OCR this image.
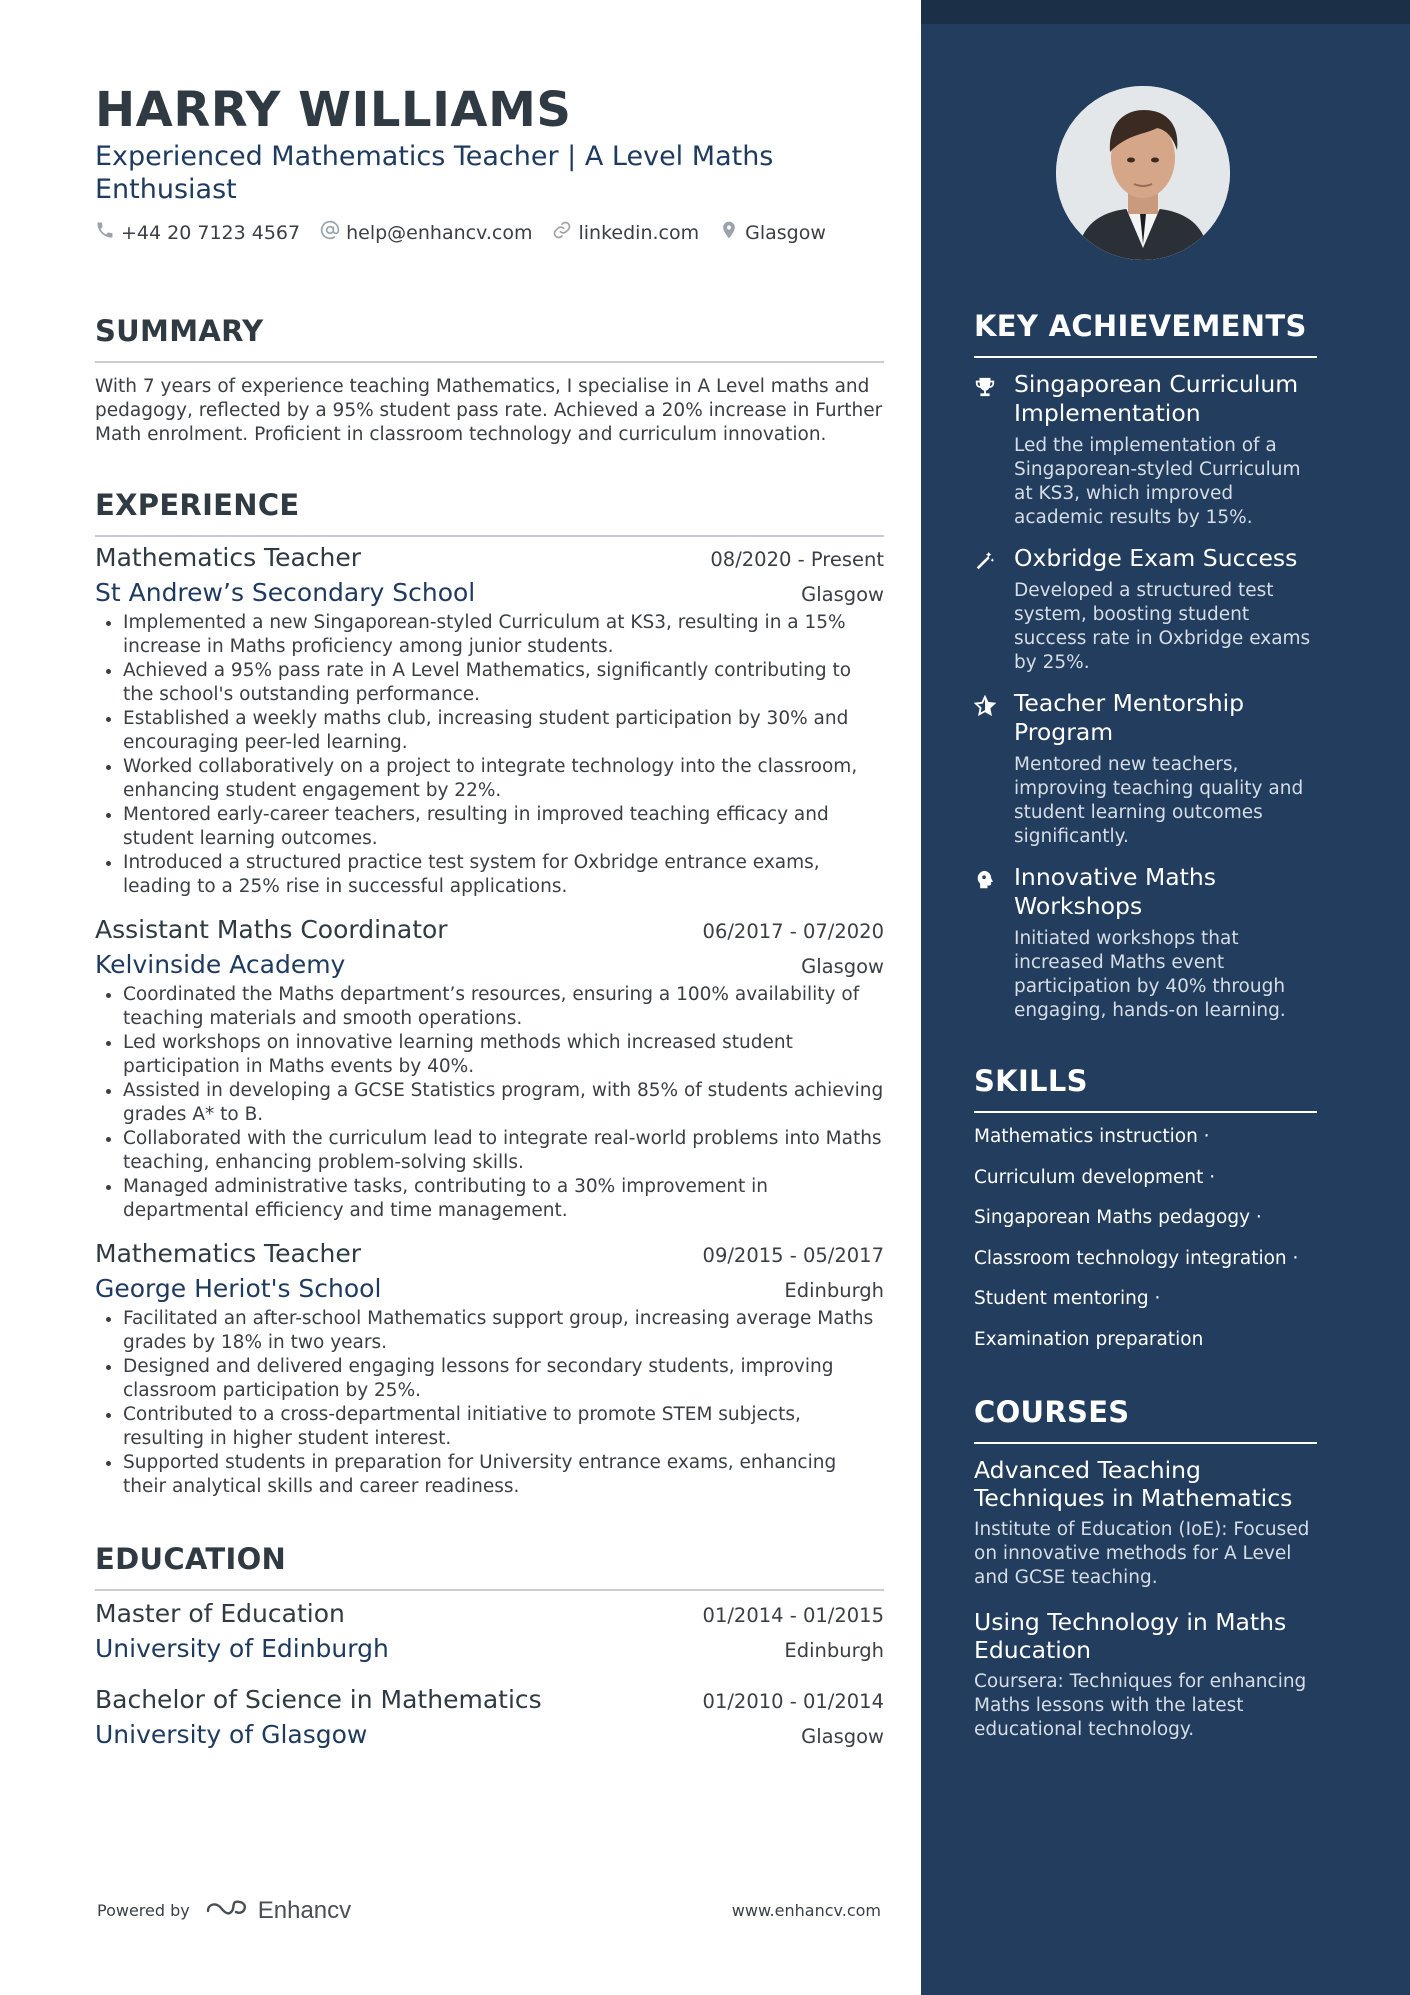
HARRY WILLIAMS
Experienced Mathematics Teacher | A Level Maths Enthusiast
+44 20 7123 4567 help@enhancv.com linkedin.com Glasgow
SUMMARY

With 7 years of experience teaching Mathematics, I specialise in A Level maths and pedagogy, reflected by a 95% student pass rate. Achieved a 20% increase in Further Math enrolment. Proficient in classroom technology and curriculum innovation.

EXPERIENCE
Mathematics Teacher	08/2020 - Present
St Andrew’s Secondary School	Glasgow
• Implemented a new Singaporean-styled Curriculum at KS3, resulting in a 15% increase in Maths proficiency among junior students.
• Achieved a 95% pass rate in A Level Mathematics, significantly contributing to the school's outstanding performance.
• Established a weekly maths club, increasing student participation by 30% and encouraging peer-led learning.
• Worked collaboratively on a project to integrate technology into the classroom, enhancing student engagement by 22%.
• Mentored early-career teachers, resulting in improved teaching efficacy and student learning outcomes.
• Introduced a structured practice test system for Oxbridge entrance exams, leading to a 25% rise in successful applications.
Assistant Maths Coordinator	06/2017 - 07/2020
Kelvinside Academy	Glasgow
• Coordinated the Maths department’s resources, ensuring a 100% availability of teaching materials and smooth operations.
• Led workshops on innovative learning methods which increased student participation in Maths events by 40%.
• Assisted in developing a GCSE Statistics program, with 85% of students achieving grades A* to B.
• Collaborated with the curriculum lead to integrate real-world problems into Maths teaching, enhancing problem-solving skills.
• Managed administrative tasks, contributing to a 30% improvement in departmental efficiency and time management.
Mathematics Teacher	09/2015 - 05/2017
George Heriot's School	Edinburgh
• Facilitated an after-school Mathematics support group, increasing average Maths grades by 18% in two years.
• Designed and delivered engaging lessons for secondary students, improving classroom participation by 25%.
• Contributed to a cross-departmental initiative to promote STEM subjects, resulting in higher student interest.
• Supported students in preparation for University entrance exams, enhancing their analytical skills and career readiness.
EDUCATION
Master of Education	01/2014 - 01/2015
University of Edinburgh	Edinburgh
Bachelor of Science in Mathematics	01/2010 - 01/2014
University of Glasgow	Glasgow
Powered by	Enhancv	www.enhancv.com
KEY ACHIEVEMENTS
Singaporean Curriculum Implementation
Led the implementation of a Singaporean-styled Curriculum at KS3, which improved academic results by 15%.
Oxbridge Exam Success
Developed a structured test system, boosting student success rate in Oxbridge exams by 25%.
Teacher Mentorship Program
Mentored new teachers, improving teaching quality and student learning outcomes significantly.
Innovative Maths Workshops
Initiated workshops that increased Maths event participation by 40% through engaging, hands-on learning.
SKILLS
Mathematics instruction ·
Curriculum development ·
Singaporean Maths pedagogy ·
Classroom technology integration ·
Student mentoring ·
Examination preparation
COURSES
Advanced Teaching Techniques in Mathematics
Institute of Education (IoE): Focused on innovative methods for A Level and GCSE teaching.
Using Technology in Maths Education
Coursera: Techniques for enhancing Maths lessons with the latest educational technology.
